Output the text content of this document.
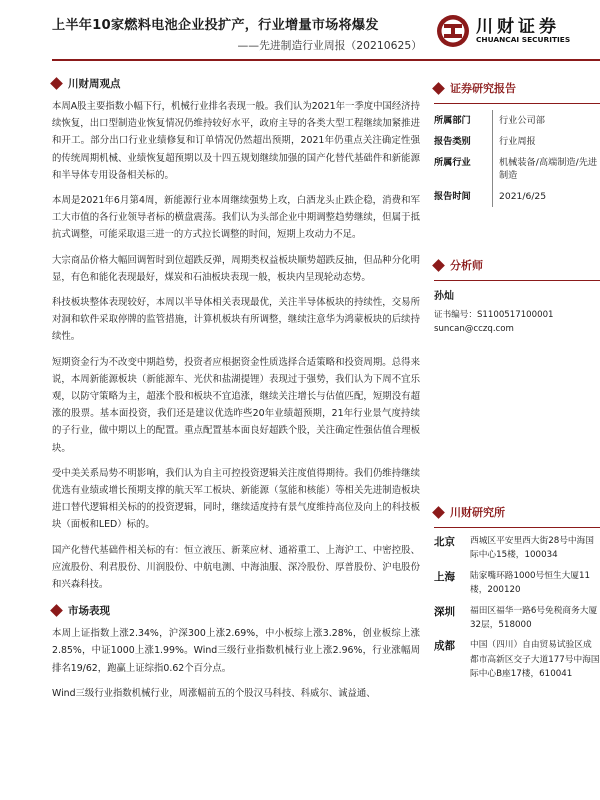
上半年10家燃料电池企业投扩产，行业增量市场将爆发
——先进制造行业周报（20210625）
川财证券
CHUANCAI SECURITIES
川财周观点

本周A股主要指数小幅下行，机械行业排名表现一般。我们认为2021年一季度中国经济持续恢复，出口型制造业恢复情况仍维持较好水平，政府主导的各类大型工程继续加紧推进和开工。部分出口行业业绩修复和订单情况仍然超出预期，2021年仍重点关注确定性强的传统周期机械、业绩恢复超预期以及十四五规划继续加强的国产化替代基础件和新能源和半导体专用设备相关标的。

本周是2021年6月第4周，新能源行业本周继续强势上攻，白酒龙头止跌企稳，消费和军工大市值的各行业领导者标的横盘震荡。我们认为头部企业中期调整趋势继续，但属于抵抗式调整，可能采取退三进一的方式拉长调整的时间，短期上攻动力不足。

大宗商品价格大幅回调暂时到位超跌反弹，周期类权益板块顺势超跌反抽，但品种分化明显，有色和能化表现最好，煤炭和石油板块表现一般，板块内呈现轮动态势。

科技板块整体表现较好，本周以半导体相关表现最优，关注半导体板块的持续性，交易所对洞和软件采取停牌的监管措施，计算机板块有所调整，继续注意华为鸿蒙板块的后续持续性。

短期资金行为不改变中期趋势，投资者应根据资金性质选择合适策略和投资周期。总得来说，本周新能源板块（新能源车、光伏和盐湖提锂）表现过于强势，我们认为下周不宜乐观，以防守策略为主，超涨个股和板块不宜追涨，继续关注增长与估值匹配，短期没有超涨的股票。基本面投资，我们还是建议优选昨些20年业绩超预期，21年行业景气度持续的子行业，做中期以上的配置。重点配置基本面良好超跌个股，关注确定性强估值合理板块。

受中美关系局势不明影响，我们认为自主可控投资逻辑关注度值得期待。我们仍维持继续优选有业绩或增长预期支撑的航天军工板块、新能源（氢能和核能）等相关先进制造板块进口替代逻辑相关标的的投资逻辑，同时，继续适度持有景气度维持高位及向上的科技板块（面板和LED）标的。

国产化替代基础件相关标的有：恒立液压、新莱应材、通裕重工、上海沪工、中密控股、应流股份、利君股份、川润股份、中航电测、中海油服、深冷股份、厚普股份、沪电股份和兴森科技。

市场表现

本周上证指数上涨2.34%，沪深300上涨2.69%，中小板综上涨3.28%，创业板综上涨2.85%，中证1000上涨1.99%。Wind三级行业指数机械行业上涨2.96%，行业涨幅周排名19/62，跑赢上证综指0.62个百分点。

Wind三级行业指数机械行业，周涨幅前五的个股汉马科技、科威尔、诚益通、

证券研究报告
所属部门	行业公司部
报告类别	行业周报
所属行业	机械装备/高端制造/先进制造
报告时间	2021/6/25
分析师
孙灿
证书编号：S1100517100001
suncan@cczq.com
川财研究所
北京	西城区平安里西大街28号中海国际中心15楼，100034
上海	陆家嘴环路1000号恒生大厦11楼，200120
深圳	福田区福华一路6号免税商务大厦32层，518000
成都	中国（四川）自由贸易试验区成都市高新区交子大道177号中海国际中心B座17楼，610041
